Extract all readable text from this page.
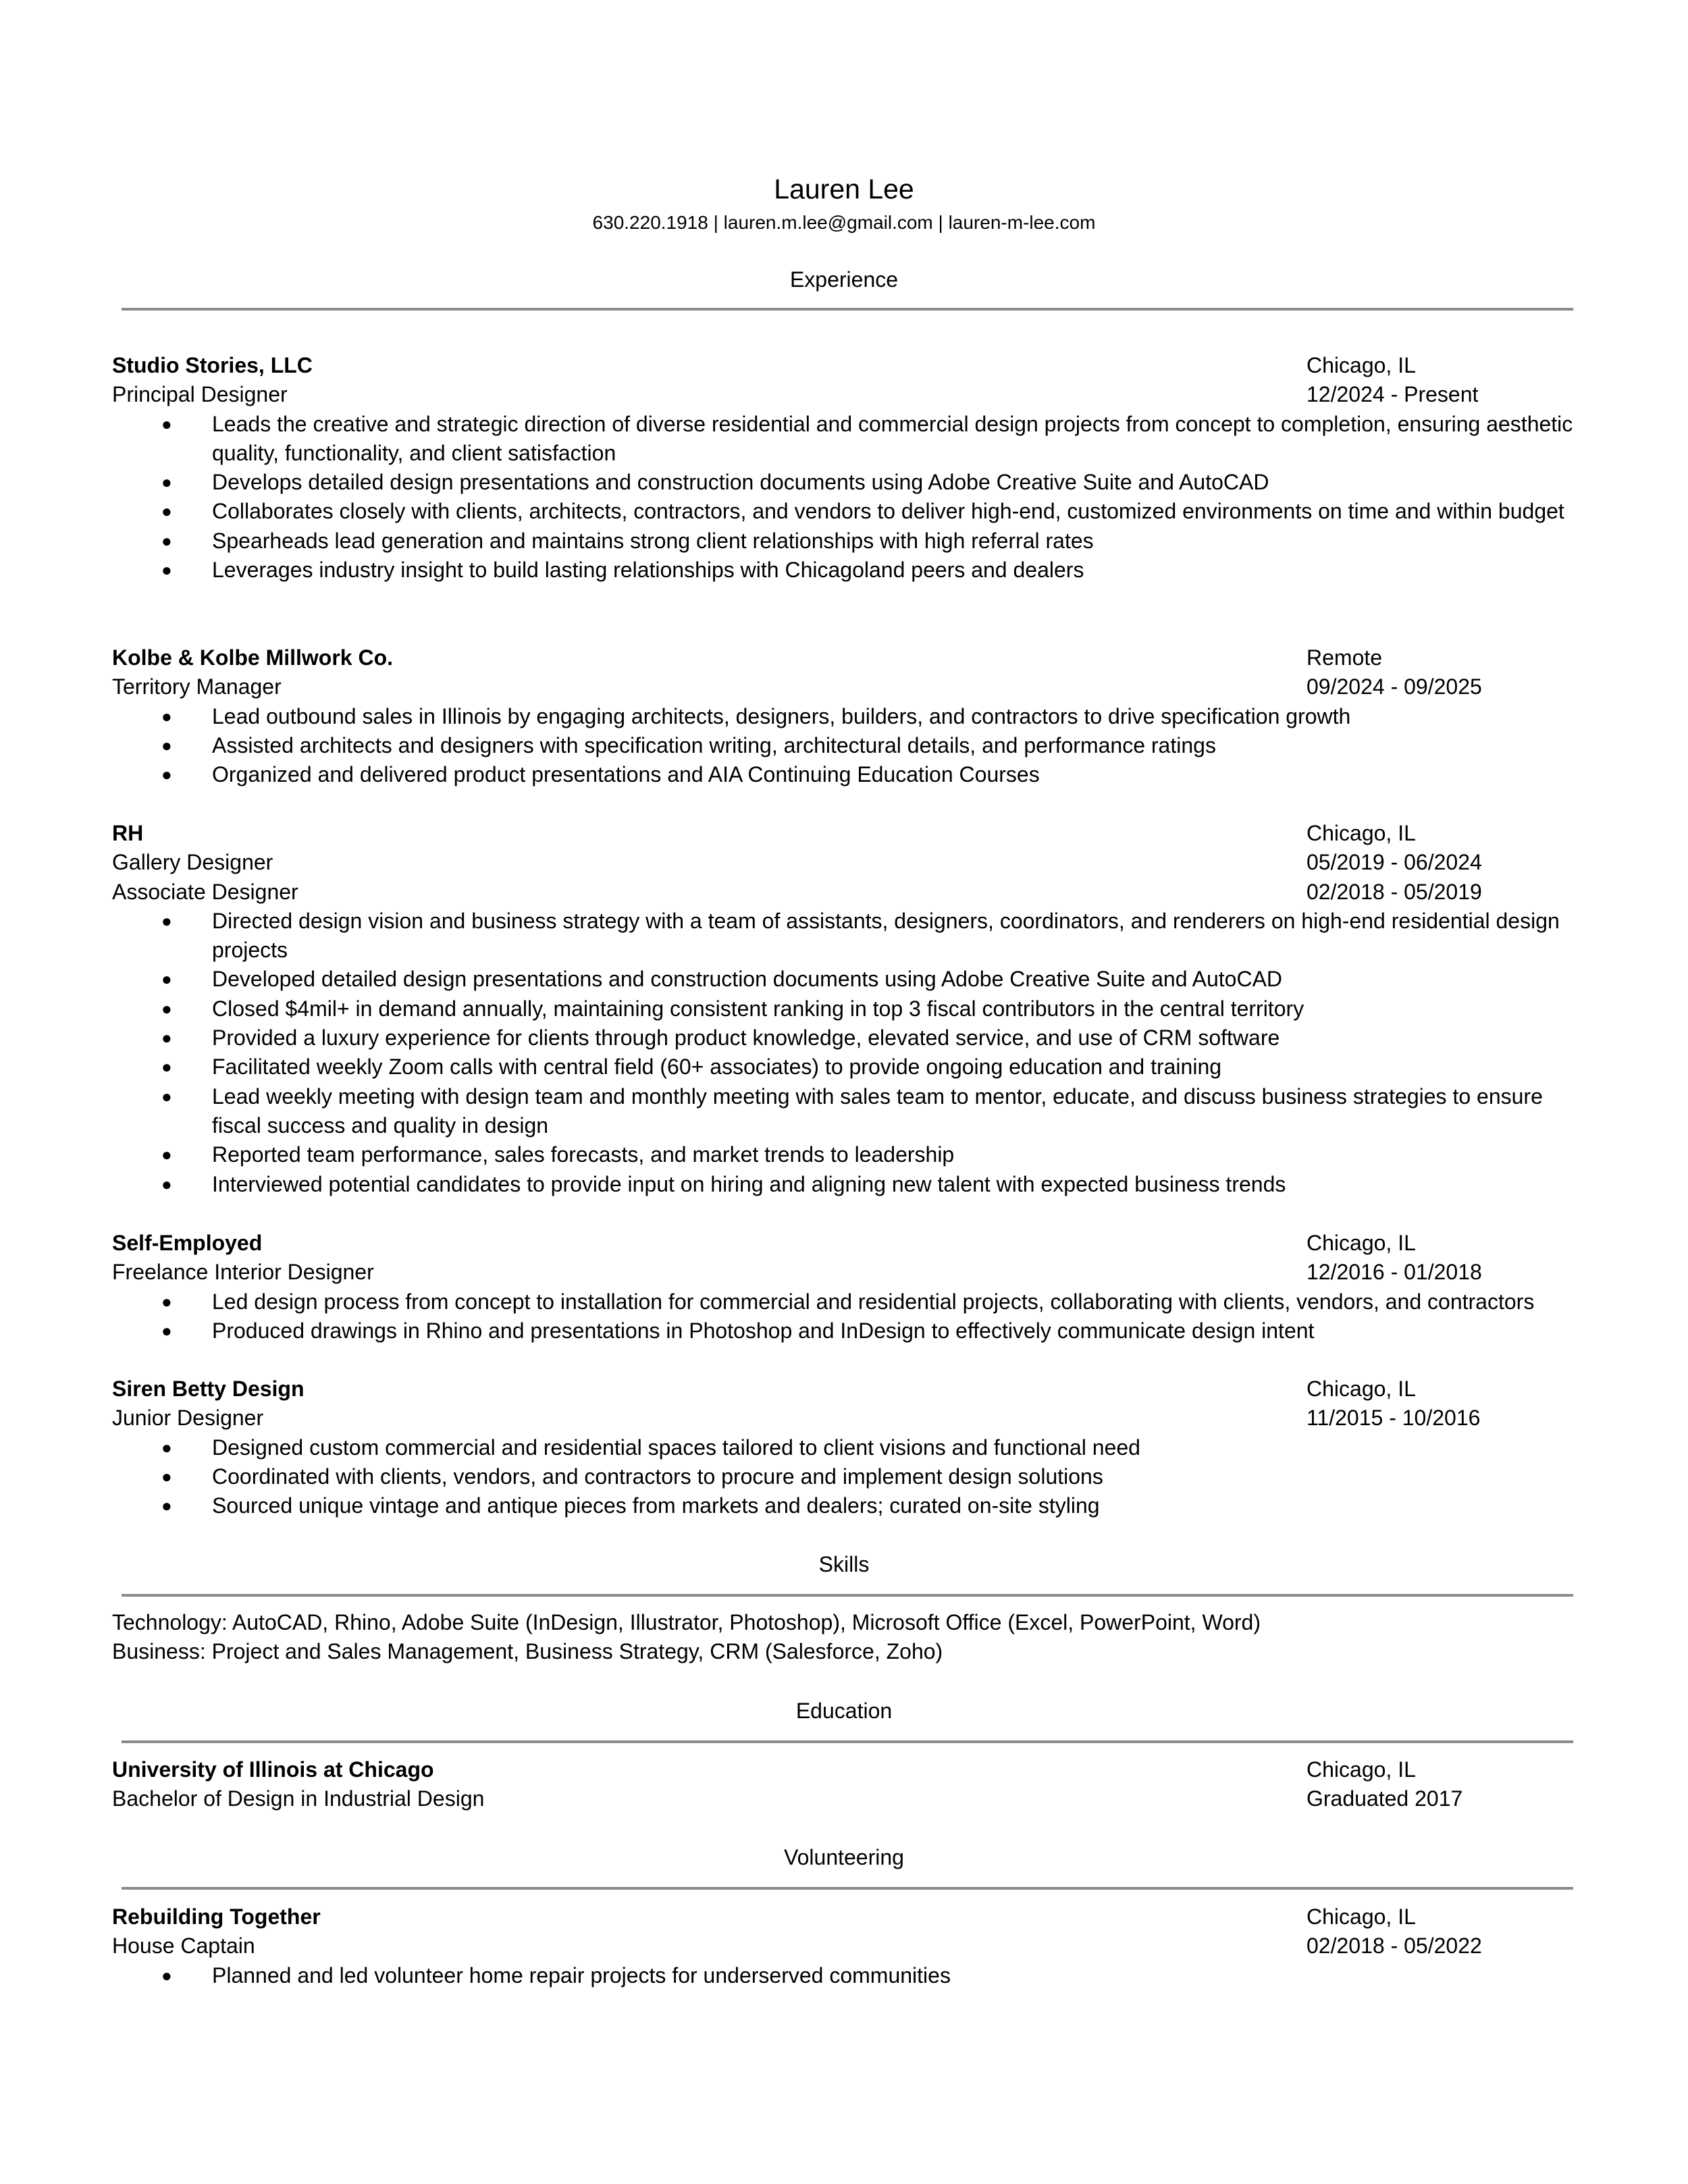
Lauren Lee
630.220.1918 | lauren.m.lee@gmail.com | lauren-m-lee.com
Experience
Studio Stories, LLC	Chicago, IL
Principal Designer	12/2024 - Present
● Leads the creative and strategic direction of diverse residential and commercial design projects from concept to completion, ensuring aesthetic quality, functionality, and client satisfaction
● Develops detailed design presentations and construction documents using Adobe Creative Suite and AutoCAD
● Collaborates closely with clients, architects, contractors, and vendors to deliver high-end, customized environments on time and within budget
● Spearheads lead generation and maintains strong client relationships with high referral rates
● Leverages industry insight to build lasting relationships with Chicagoland peers and dealers
Kolbe & Kolbe Millwork Co.	Remote
Territory Manager	09/2024 - 09/2025
● Lead outbound sales in Illinois by engaging architects, designers, builders, and contractors to drive specification growth
● Assisted architects and designers with specification writing, architectural details, and performance ratings
● Organized and delivered product presentations and AIA Continuing Education Courses
RH	Chicago, IL
Gallery Designer	05/2019 - 06/2024
Associate Designer	02/2018 - 05/2019
● Directed design vision and business strategy with a team of assistants, designers, coordinators, and renderers on high-end residential design projects
● Developed detailed design presentations and construction documents using Adobe Creative Suite and AutoCAD
● Closed $4mil+ in demand annually, maintaining consistent ranking in top 3 fiscal contributors in the central territory
● Provided a luxury experience for clients through product knowledge, elevated service, and use of CRM software
● Facilitated weekly Zoom calls with central field (60+ associates) to provide ongoing education and training
● Lead weekly meeting with design team and monthly meeting with sales team to mentor, educate, and discuss business strategies to ensure fiscal success and quality in design
● Reported team performance, sales forecasts, and market trends to leadership
● Interviewed potential candidates to provide input on hiring and aligning new talent with expected business trends
Self-Employed	Chicago, IL
Freelance Interior Designer	12/2016 - 01/2018
● Led design process from concept to installation for commercial and residential projects, collaborating with clients, vendors, and contractors
● Produced drawings in Rhino and presentations in Photoshop and InDesign to effectively communicate design intent
Siren Betty Design	Chicago, IL
Junior Designer	11/2015 - 10/2016
● Designed custom commercial and residential spaces tailored to client visions and functional need
● Coordinated with clients, vendors, and contractors to procure and implement design solutions
● Sourced unique vintage and antique pieces from markets and dealers; curated on-site styling
Skills
Technology: AutoCAD, Rhino, Adobe Suite (InDesign, Illustrator, Photoshop), Microsoft Office (Excel, PowerPoint, Word)
Business: Project and Sales Management, Business Strategy, CRM (Salesforce, Zoho)
Education
University of Illinois at Chicago	Chicago, IL
Bachelor of Design in Industrial Design	Graduated 2017
Volunteering
Rebuilding Together	Chicago, IL
House Captain	02/2018 - 05/2022
● Planned and led volunteer home repair projects for underserved communities
